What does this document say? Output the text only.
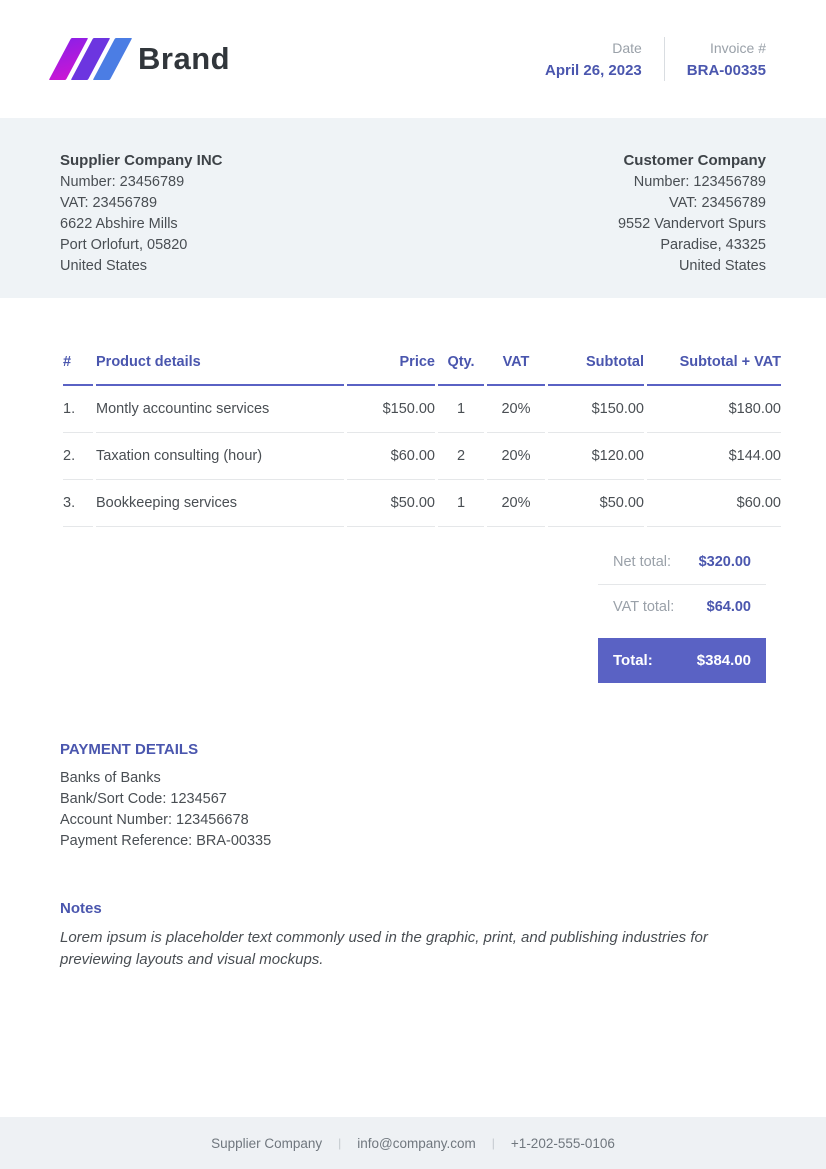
Brand	Date
April 26, 2023
Invoice #
BRA-00335
Supplier Company INC
Number: 23456789
VAT: 23456789
6622 Abshire Mills
Port Orlofurt, 05820
United States
Customer Company
Number: 123456789
VAT: 23456789
9552 Vandervort Spurs
Paradise, 43325
United States
#	Product details	Price	Qty.	VAT	Subtotal	Subtotal + VAT
1.	Montly accountinc services	$150.00	1	20%	$150.00	$180.00
2.	Taxation consulting (hour)	$60.00	2	20%	$120.00	$144.00
3.	Bookkeeping services	$50.00	1	20%	$50.00	$60.00
Net total: $320.00
VAT total: $64.00
Total:	$384.00
PAYMENT DETAILS
Banks of Banks
Bank/Sort Code: 1234567
Account Number: 123456678
Payment Reference: BRA-00335
Notes
Lorem ipsum is placeholder text commonly used in the graphic, print, and publishing industries for previewing layouts and visual mockups.
Supplier Company | info@company.com | +1-202-555-0106
